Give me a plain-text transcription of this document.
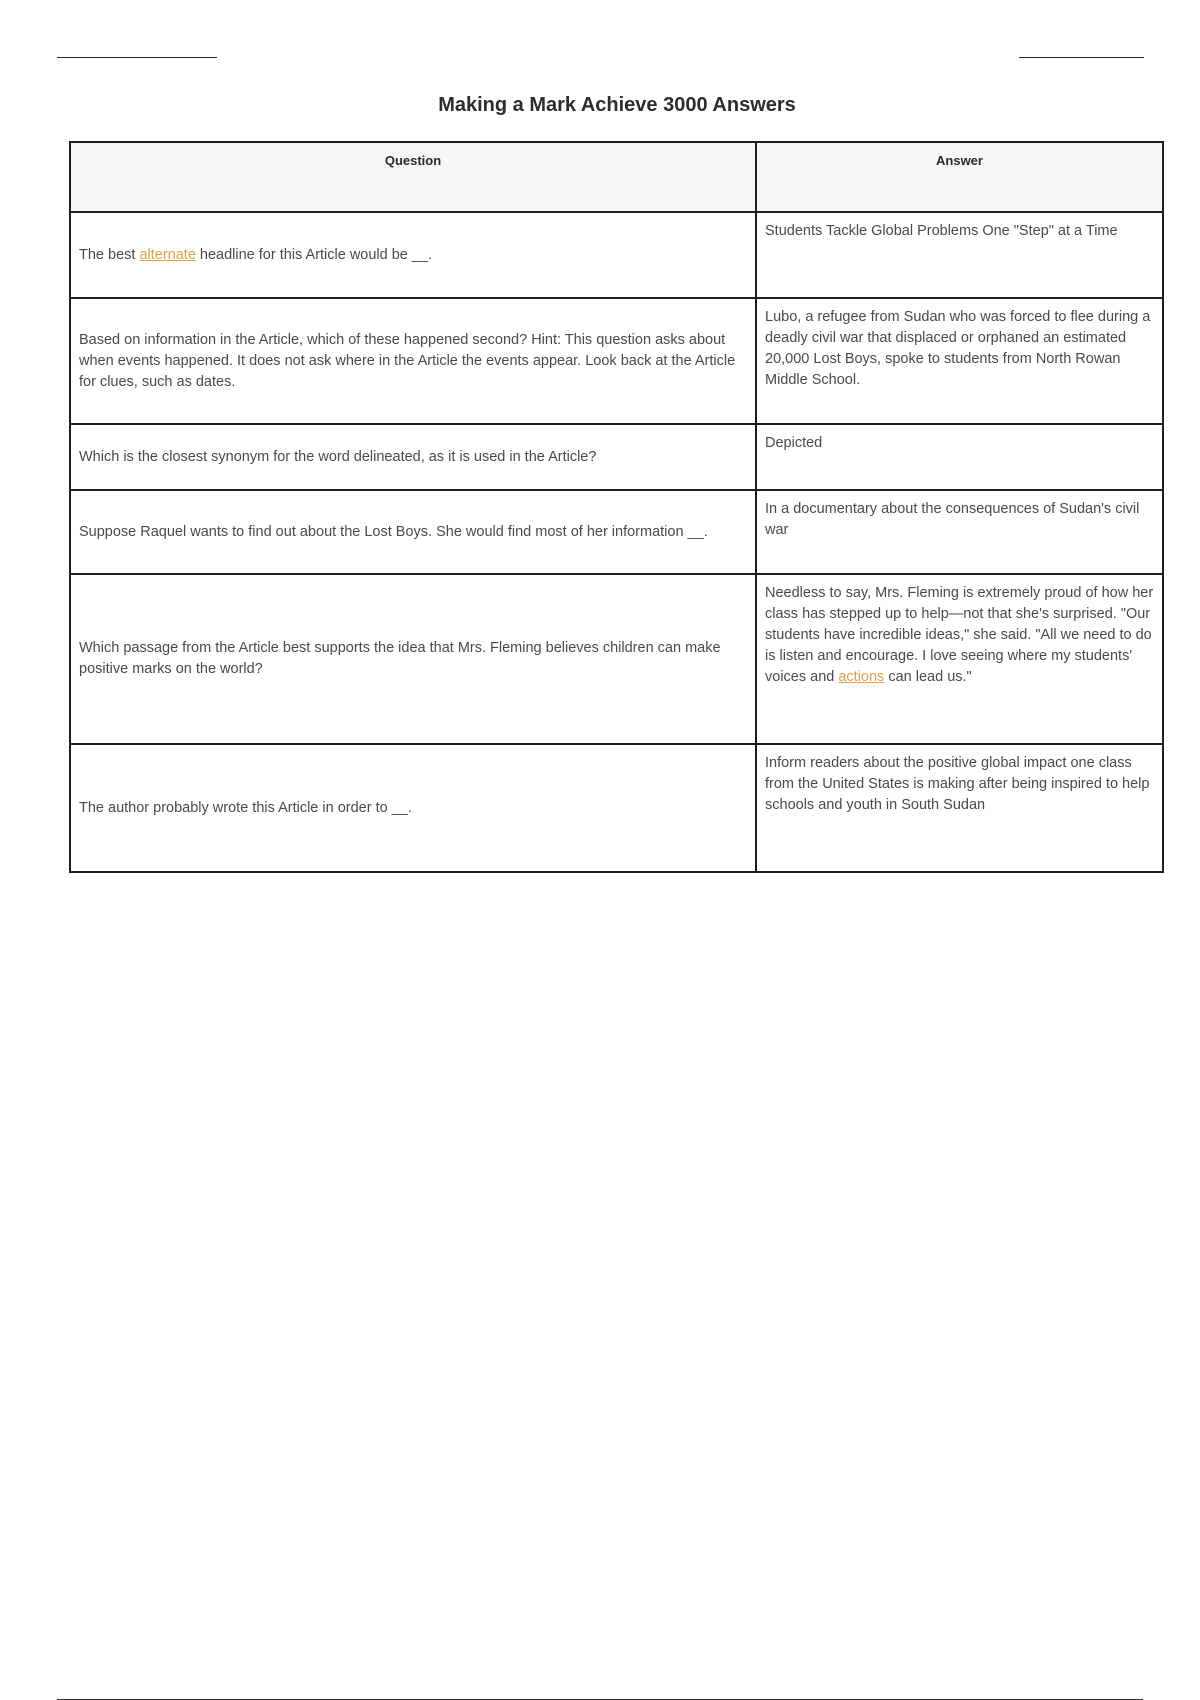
Making a Mark Achieve 3000 Answers
Question	Answer
The best alternate headline for this Article would be __.	Students Tackle Global Problems One "Step" at a Time
Based on information in the Article, which of these happened second? Hint: This question asks about when events happened. It does not ask where in the Article the events appear. Look back at the Article for clues, such as dates.	Lubo, a refugee from Sudan who was forced to flee during a deadly civil war that displaced or orphaned an estimated 20,000 Lost Boys, spoke to students from North Rowan Middle School.
Which is the closest synonym for the word delineated, as it is used in the Article?	Depicted
Suppose Raquel wants to find out about the Lost Boys. She would find most of her information __.	In a documentary about the consequences of Sudan's civil war
Which passage from the Article best supports the idea that Mrs. Fleming believes children can make positive marks on the world?	Needless to say, Mrs. Fleming is extremely proud of how her class has stepped up to help—not that she's surprised. "Our students have incredible ideas," she said. "All we need to do is listen and encourage. I love seeing where my students' voices and actions can lead us."
The author probably wrote this Article in order to __.	Inform readers about the positive global impact one class from the United States is making after being inspired to help schools and youth in South Sudan
